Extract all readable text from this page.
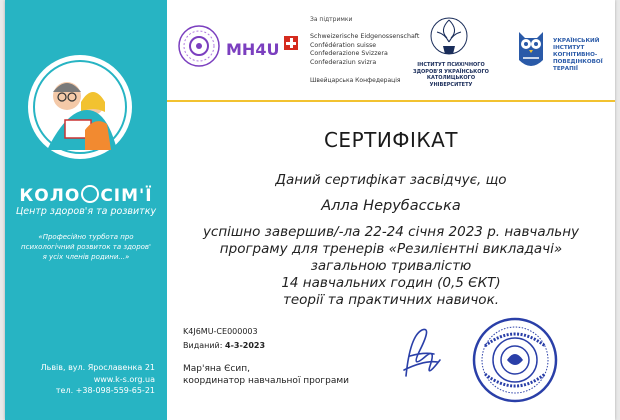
КОЛО СІМ'Ї
Центр здоров'я та розвитку
«Професійно турбота про психологічний розвиток та здоров' я усіх членів родини...»
Львів, вул. Ярославенка 21
www.k-s.org.ua
тел. +38-098-559-65-21
MH4U
За підтримки
Schweizerische Eidgenossenschaft
Confédération suisse
Confederazione Svizzera
Confederaziun svizra
Швейцарська Конфедерація
ІНСТИТУТ ПСИХІЧНОГО
ЗДОРОВ'Я УКРАЇНСЬКОГО
КАТОЛИЦЬКОГО
УНІВЕРСИТЕТУ
УКРАЇНСЬКИЙ
ІНСТИТУТ
КОГНІТИВНО-
ПОВЕДІНКОВОЇ
ТЕРАПІЇ
СЕРТИФІКАТ
Даний сертифікат засвідчує, що
Алла Нерубасська
успішно завершив/-ла 22-24 січня 2023 р. навчальну
програму для тренерів «Резилієнтні викладачі»
загальною тривалістю
14 навчальних годин (0,5 ЄКТ)
теорії та практичних навичок.
K4J6MU-CE000003
Виданий: 4-3-2023
Мар'яна Єсип,
координатор навчальної програми
